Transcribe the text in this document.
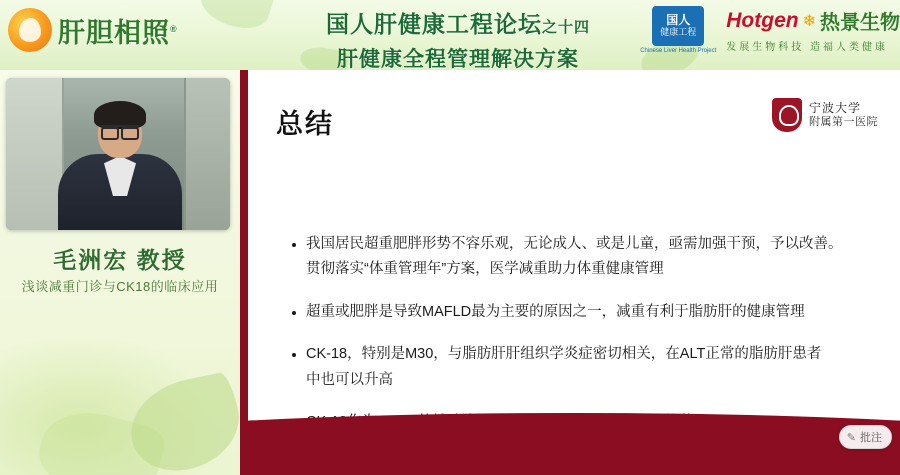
肝胆相照®	国人肝健康工程论坛之十四
肝健康全程管理解决方案
国人
健康工程
Chinese Liver Health Project
Hotgen ❄ 热景生物
发展生物科技 造福人类健康
毛洲宏 教授
浅谈减重门诊与CK18的临床应用
总结
宁波大学
附属第一医院
我国居民超重肥胖形势不容乐观，无论成人、或是儿童，亟需加强干预，予以改善。
贯彻落实“体重管理年”方案，医学减重助力体重健康管理
超重或肥胖是导致MAFLD最为主要的原因之一，减重有利于脂肪肝的健康管理
CK-18，特别是M30，与脂肪肝肝组织学炎症密切相关，在ALT正常的脂肪肝患者
中也可以升高
✎ 批注
